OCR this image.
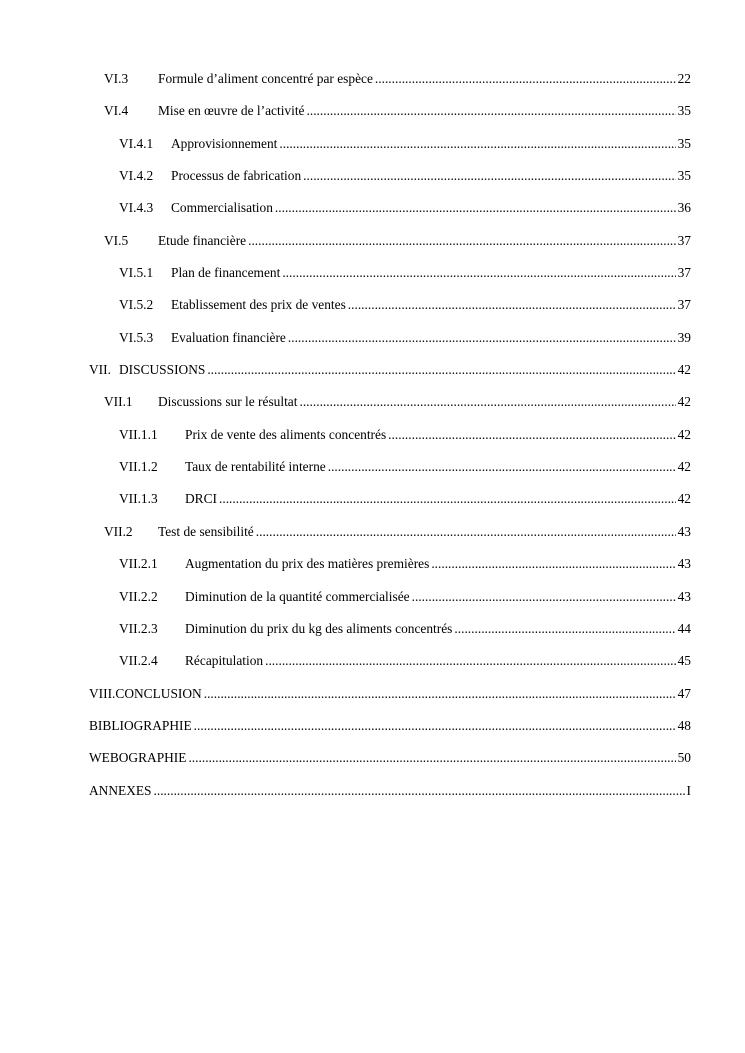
VI.3	Formule d’aliment concentré par espèce .....	22
VI.4	Mise en œuvre de l’activité .....	35
VI.4.1	Approvisionnement .....	35
VI.4.2	Processus de fabrication .....	35
VI.4.3	Commercialisation .....	36
VI.5	Etude financière .....	37
VI.5.1	Plan de financement .....	37
VI.5.2	Etablissement des prix de ventes .....	37
VI.5.3	Evaluation financière .....	39
VII. DISCUSSIONS .....	42
VII.1	Discussions sur le résultat .....	42
VII.1.1	Prix de vente des aliments concentrés .....	42
VII.1.2	Taux de rentabilité interne .....	42
VII.1.3	DRCI .....	42
VII.2	Test de sensibilité .....	43
VII.2.1	Augmentation du prix des matières premières .....	43
VII.2.2	Diminution de la quantité commercialisée .....	43
VII.2.3	Diminution du prix du kg des aliments concentrés .....	44
VII.2.4	Récapitulation .....	45
VIII. CONCLUSION .....	47
BIBLIOGRAPHIE .....	48
WEBOGRAPHIE .....	50
ANNEXES .....	I
